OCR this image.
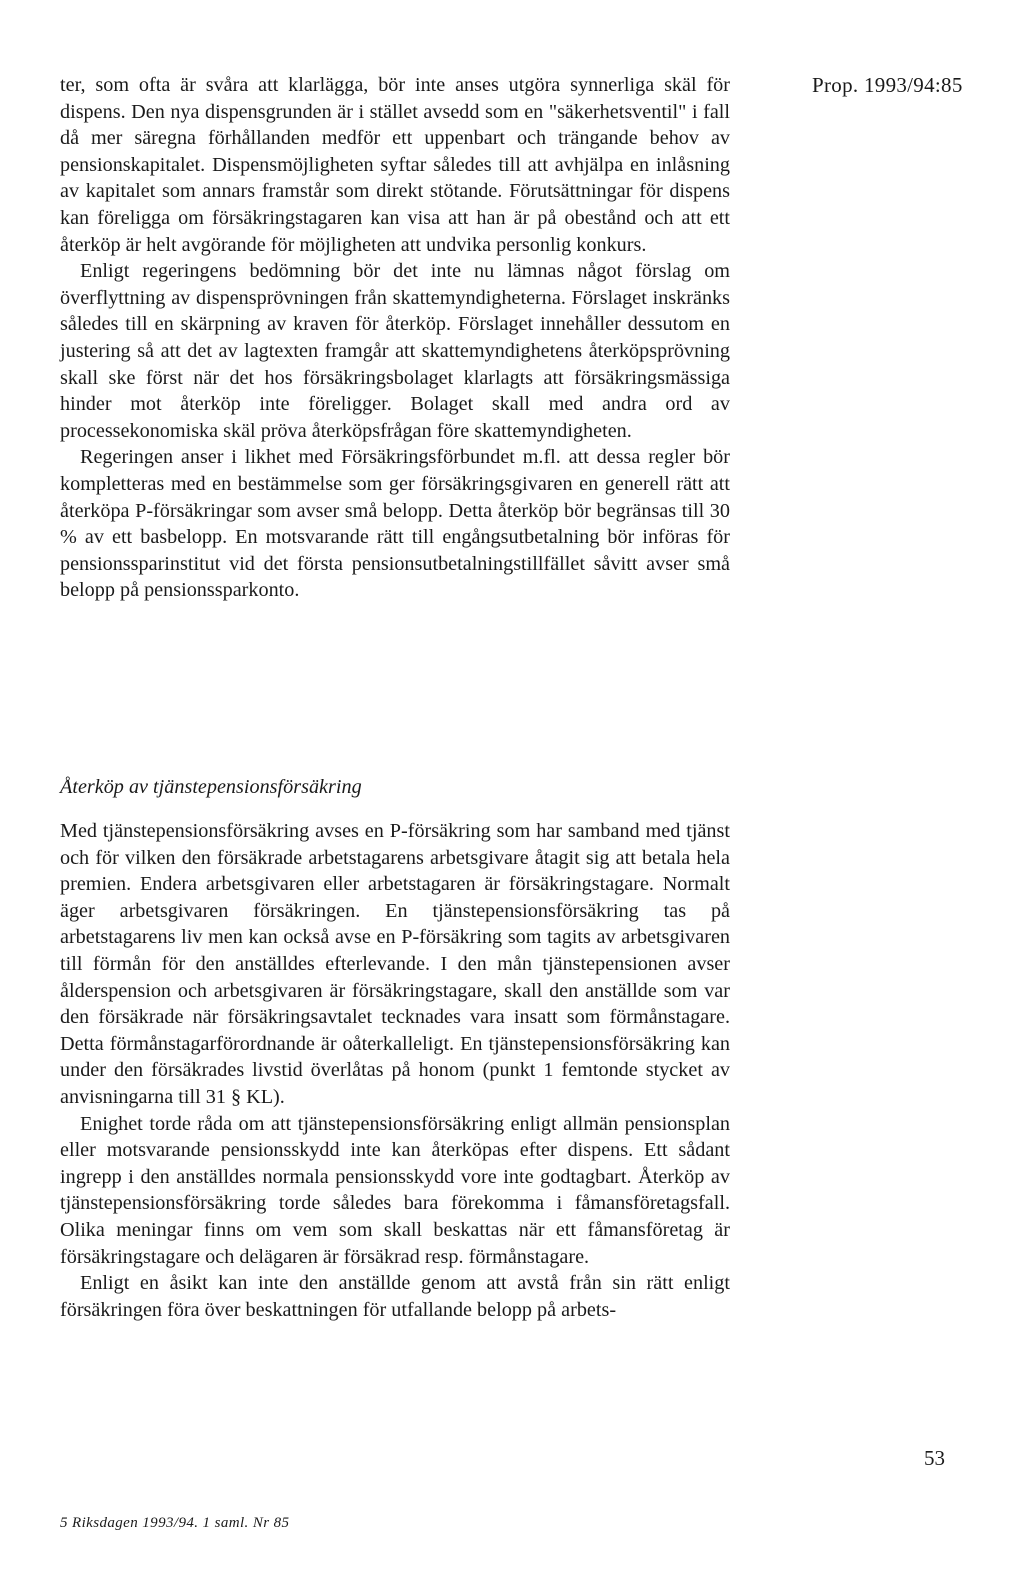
Prop. 1993/94:85

ter, som ofta är svåra att klarlägga, bör inte anses utgöra synnerliga skäl för dispens. Den nya dispensgrunden är i stället avsedd som en "säkerhetsventil" i fall då mer säregna förhållanden medför ett uppenbart och trängande behov av pensionskapitalet. Dispensmöjligheten syftar således till att avhjälpa en inlåsning av kapitalet som annars framstår som direkt stötande. Förutsättningar för dispens kan föreligga om försäkringstagaren kan visa att han är på obestånd och att ett återköp är helt avgörande för möjligheten att undvika personlig konkurs.

Enligt regeringens bedömning bör det inte nu lämnas något förslag om överflyttning av dispensprövningen från skattemyndigheterna. Förslaget inskränks således till en skärpning av kraven för återköp. Förslaget innehåller dessutom en justering så att det av lagtexten framgår att skattemyndighetens återköpsprövning skall ske först när det hos försäkringsbolaget klarlagts att försäkringsmässiga hinder mot återköp inte föreligger. Bolaget skall med andra ord av processekonomiska skäl pröva återköpsfrågan före skattemyndigheten.

Regeringen anser i likhet med Försäkringsförbundet m.fl. att dessa regler bör kompletteras med en bestämmelse som ger försäkringsgivaren en generell rätt att återköpa P-försäkringar som avser små belopp. Detta återköp bör begränsas till 30 % av ett basbelopp. En motsvarande rätt till engångsutbetalning bör införas för pensionssparinstitut vid det första pensionsutbetalningstillfället såvitt avser små belopp på pensionssparkonto.

Återköp av tjänstepensionsförsäkring

Med tjänstepensionsförsäkring avses en P-försäkring som har samband med tjänst och för vilken den försäkrade arbetstagarens arbetsgivare åtagit sig att betala hela premien. Endera arbetsgivaren eller arbetstagaren är försäkringstagare. Normalt äger arbetsgivaren försäkringen. En tjänstepensionsförsäkring tas på arbetstagarens liv men kan också avse en P-försäkring som tagits av arbetsgivaren till förmån för den anställdes efterlevande. I den mån tjänstepensionen avser ålderspension och arbetsgivaren är försäkringstagare, skall den anställde som var den försäkrade när försäkringsavtalet tecknades vara insatt som förmånstagare. Detta förmånstagarförordnande är oåterkalleligt. En tjänstepensionsförsäkring kan under den försäkrades livstid överlåtas på honom (punkt 1 femtonde stycket av anvisningarna till 31 § KL).

Enighet torde råda om att tjänstepensionsförsäkring enligt allmän pensionsplan eller motsvarande pensionsskydd inte kan återköpas efter dispens. Ett sådant ingrepp i den anställdes normala pensionsskydd vore inte godtagbart. Återköp av tjänstepensionsförsäkring torde således bara förekomma i fåmansföretagsfall. Olika meningar finns om vem som skall beskattas när ett fåmansföretag är försäkringstagare och delägaren är försäkrad resp. förmånstagare.

Enligt en åsikt kan inte den anställde genom att avstå från sin rätt enligt försäkringen föra över beskattningen för utfallande belopp på arbets-

53
5 Riksdagen 1993/94. 1 saml. Nr 85
